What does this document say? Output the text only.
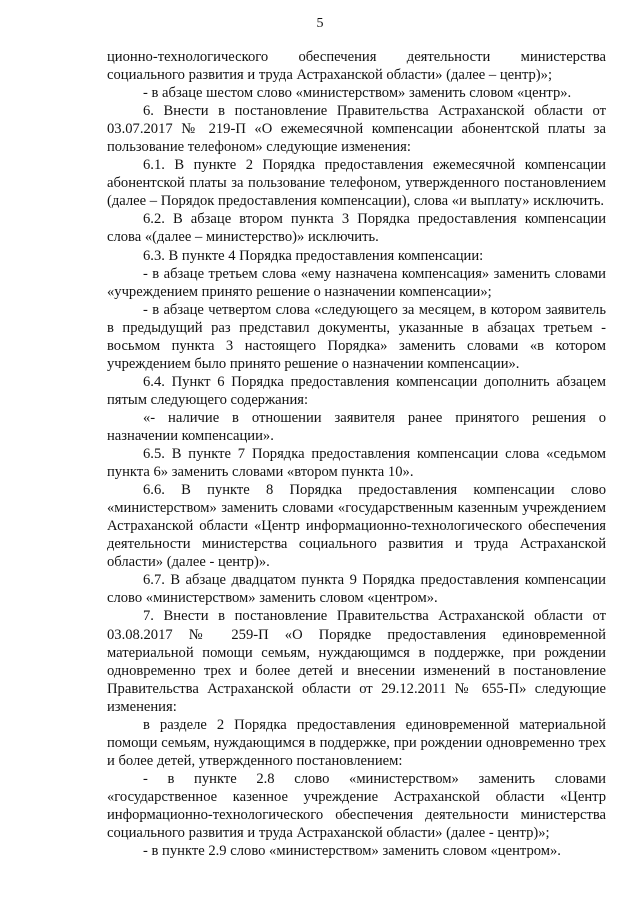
5

ционно-технологического обеспечения деятельности министерства социального развития и труда Астраханской области» (далее – центр)»;

- в абзаце шестом слово «министерством» заменить словом «центр».

6. Внести в постановление Правительства Астраханской области от 03.07.2017 № 219-П «О ежемесячной компенсации абонентской платы за пользование телефоном» следующие изменения:

6.1. В пункте 2 Порядка предоставления ежемесячной компенсации абонентской платы за пользование телефоном, утвержденного постановлением (далее – Порядок предоставления компенсации), слова «и выплату» исключить.

6.2. В абзаце втором пункта 3 Порядка предоставления компенсации слова «(далее – министерство)» исключить.

6.3. В пункте 4 Порядка предоставления компенсации:

- в абзаце третьем слова «ему назначена компенсация» заменить словами «учреждением принято решение о назначении компенсации»;

- в абзаце четвертом слова «следующего за месяцем, в котором заявитель в предыдущий раз представил документы, указанные в абзацах третьем - восьмом пункта 3 настоящего Порядка» заменить словами «в котором учреждением было принято решение о назначении компенсации».

6.4. Пункт 6 Порядка предоставления компенсации дополнить абзацем пятым следующего содержания:

«- наличие в отношении заявителя ранее принятого решения о назначении компенсации».

6.5. В пункте 7 Порядка предоставления компенсации слова «седьмом пункта 6» заменить словами «втором пункта 10».

6.6. В пункте 8 Порядка предоставления компенсации слово «министерством» заменить словами «государственным казенным учреждением Астраханской области «Центр информационно-технологического обеспечения деятельности министерства социального развития и труда Астраханской области» (далее - центр)».

6.7. В абзаце двадцатом пункта 9 Порядка предоставления компенсации слово «министерством» заменить словом «центром».

7. Внести в постановление Правительства Астраханской области от 03.08.2017 № 259-П «О Порядке предоставления единовременной материальной помощи семьям, нуждающимся в поддержке, при рождении одновременно трех и более детей и внесении изменений в постановление Правительства Астраханской области от 29.12.2011 № 655-П» следующие изменения:

в разделе 2 Порядка предоставления единовременной материальной помощи семьям, нуждающимся в поддержке, при рождении одновременно трех и более детей, утвержденного постановлением:

- в пункте 2.8 слово «министерством» заменить словами «государственное казенное учреждение Астраханской области «Центр информационно-технологического обеспечения деятельности министерства социального развития и труда Астраханской области» (далее - центр)»;

- в пункте 2.9 слово «министерством» заменить словом «центром».
